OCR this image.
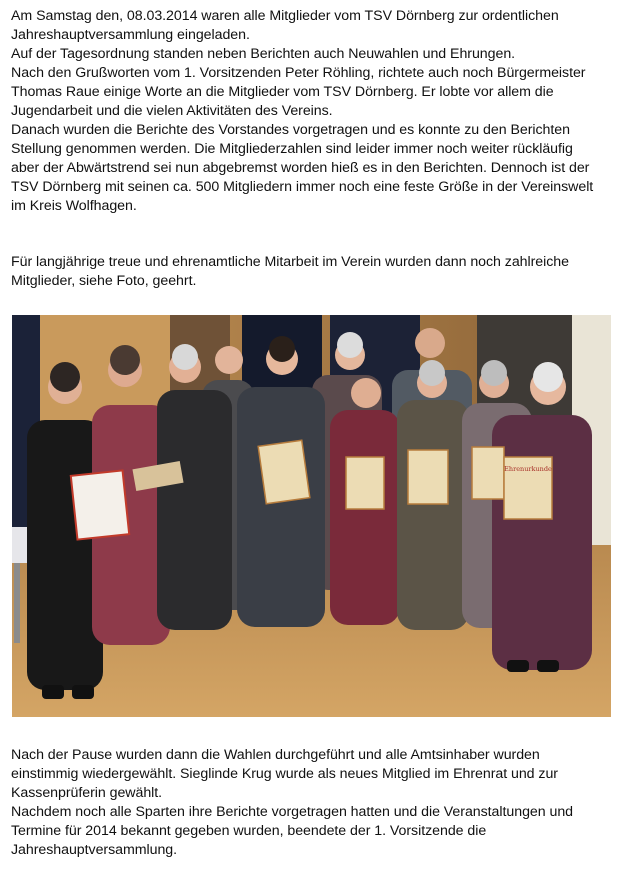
Am Samstag den, 08.03.2014 waren alle Mitglieder vom TSV Dörnberg zur ordentlichen

Jahreshauptversammlung eingeladen.

Auf der Tagesordnung standen neben Berichten auch Neuwahlen und Ehrungen.

Nach den Grußworten vom 1. Vorsitzenden Peter Röhling, richtete auch noch Bürgermeister

Thomas Raue einige Worte an die Mitglieder vom TSV Dörnberg. Er lobte vor allem die

Jugendarbeit und die vielen Aktivitäten des Vereins.

Danach wurden die Berichte des Vorstandes vorgetragen und es konnte zu den Berichten

Stellung genommen werden. Die Mitgliederzahlen sind leider immer noch weiter rückläufig

aber der Abwärtstrend sei nun abgebremst worden hieß es in den Berichten. Dennoch ist der

TSV Dörnberg mit seinen ca. 500 Mitgliedern immer noch eine feste Größe in der Vereinswelt

im Kreis Wolfhagen.

Für langjährige treue und ehrenamtliche Mitarbeit im Verein wurden dann noch zahlreiche

Mitglieder, siehe Foto, geehrt.

Ehrenurkunde

Nach der Pause wurden dann die Wahlen durchgeführt und alle Amtsinhaber wurden

einstimmig wiedergewählt. Sieglinde Krug wurde als neues Mitglied im Ehrenrat und zur

Kassenprüferin gewählt.

Nachdem noch alle Sparten ihre Berichte vorgetragen hatten und die Veranstaltungen und

Termine für 2014 bekannt gegeben wurden, beendete der 1. Vorsitzende die

Jahreshauptversammlung.
